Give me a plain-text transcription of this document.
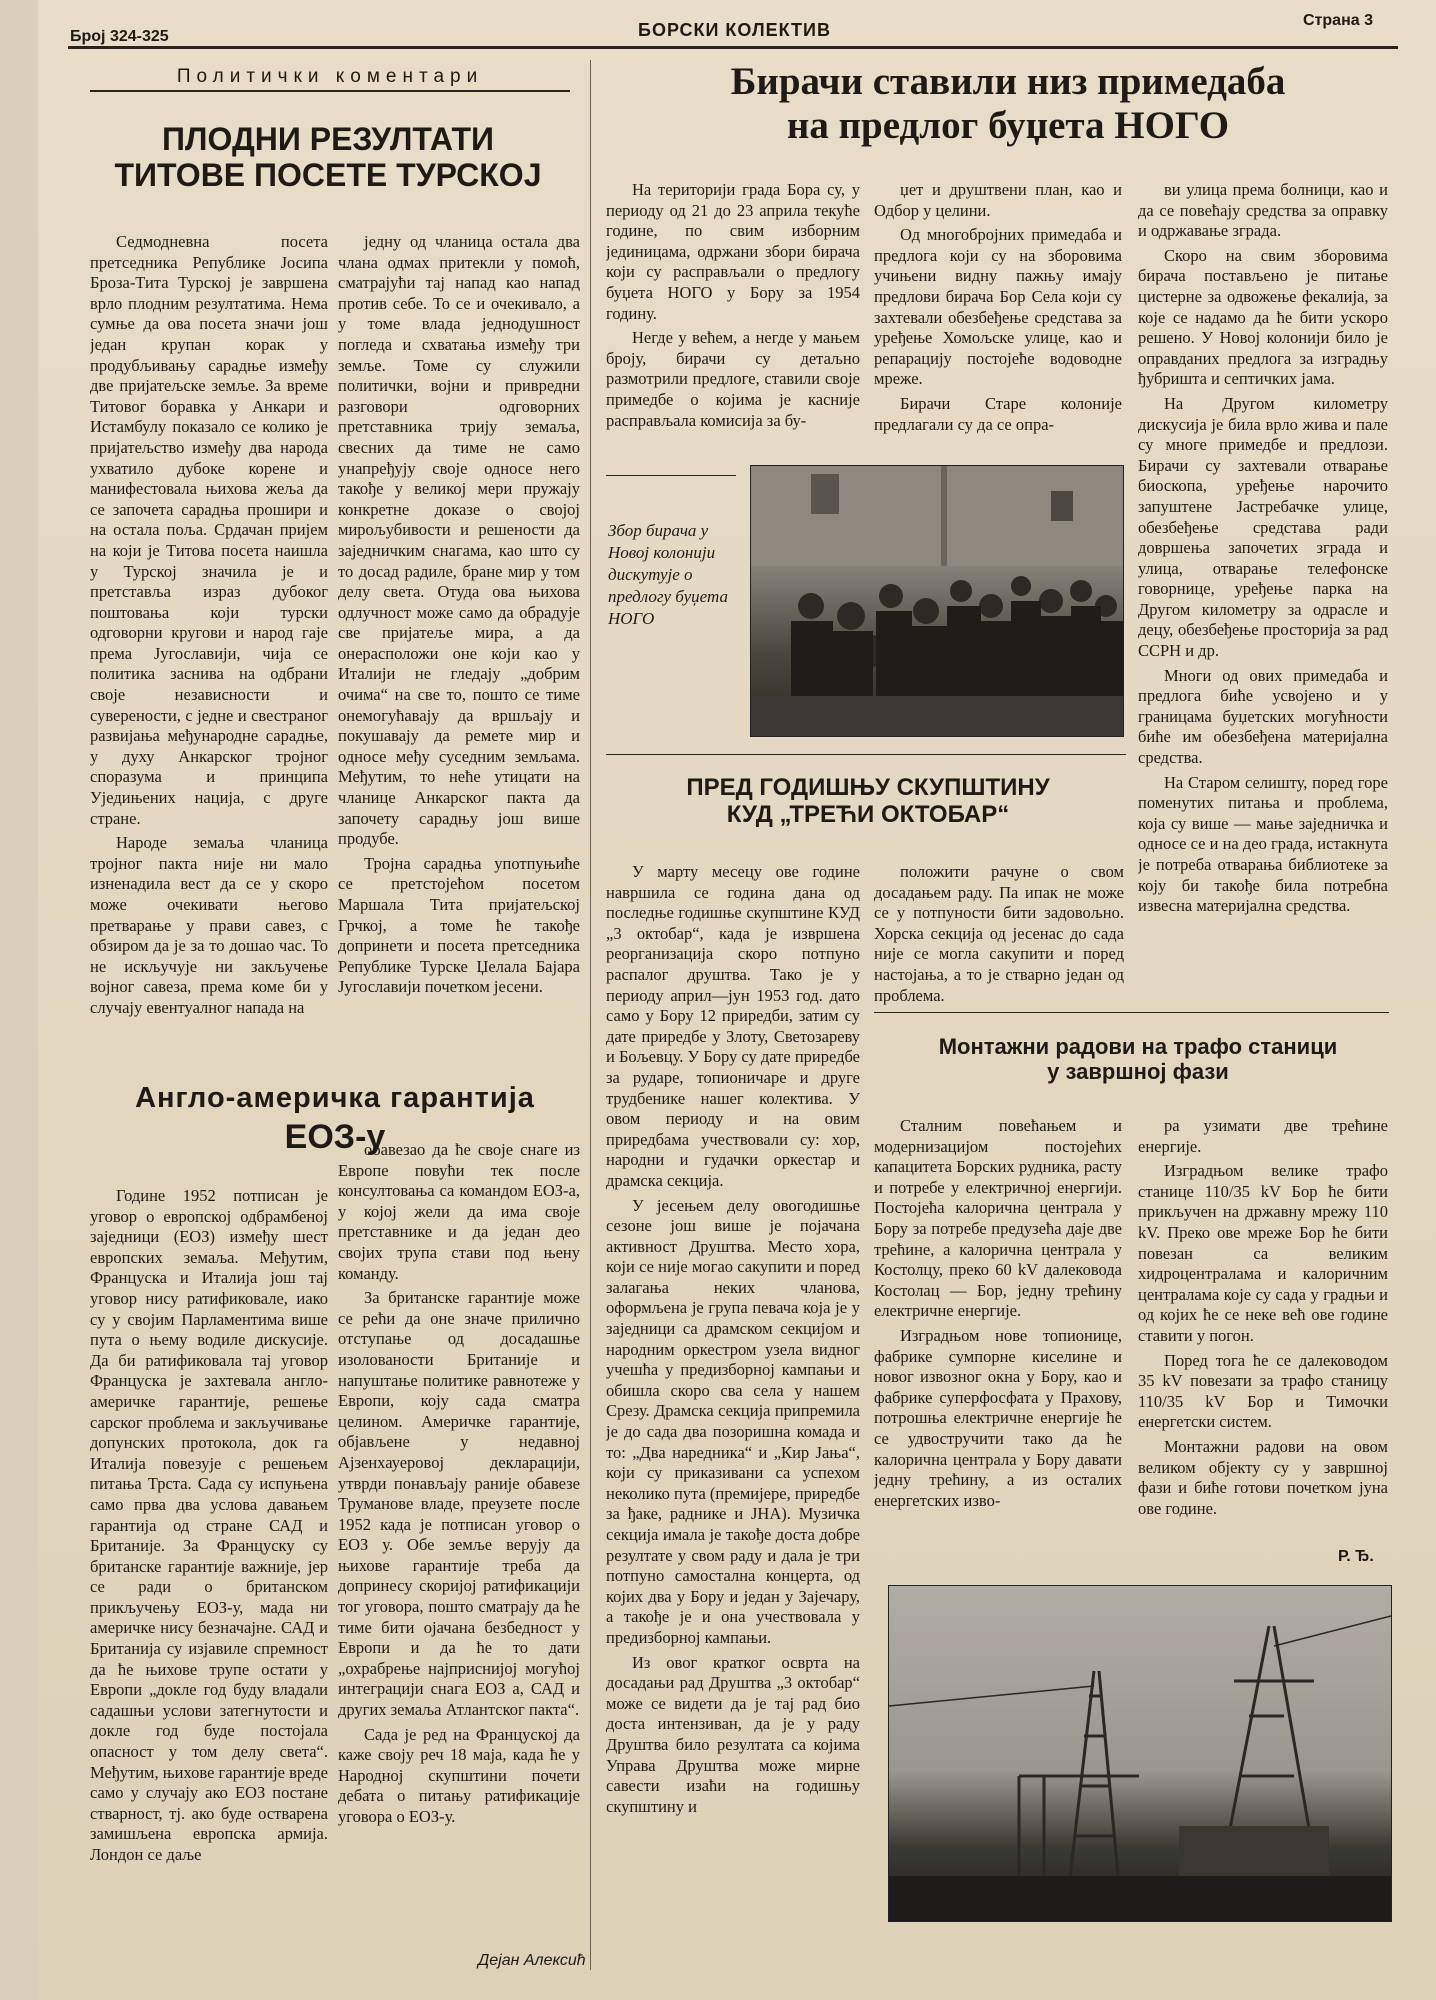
Број 324-325	БОРСКИ КОЛЕКТИВ	Страна 3
Политички коментари
ПЛОДНИ РЕЗУЛТАТИ
ТИТОВЕ ПОСЕТЕ ТУРСКОЈ

Седмодневна посета претседника Републике Јосипа Броза-Тита Турској је завршена врло плодним резултатима. Нема сумње да ова посета значи још један крупан корак у продубљивању сарадње између две пријатељске земље. За време Титовог боравка у Анкари и Истамбулу показало се колико је пријатељство између два народа ухватило дубоке корене и манифестовала њихова жеља да се започета сарадња прошири и на остала поља. Срдачан пријем на који је Титова посета наишла у Турској значила је и претставља израз дубоког поштовања који турски одговорни кругови и народ гаје према Југославији, чија се политика заснива на одбрани своје независности и суверености, с једне и свестраног развијања међународне сарадње, у духу Анкарског тројног споразума и принципа Уједињених нација, с друге стране.

Народе земаља чланица тројног пакта није ни мало изненадила вест да се у скоро може очекивати његово претварање у прави савез, с обзиром да је за то дошао час. То не искључује ни закључење војног савеза, према коме би у случају евентуалног напада на

једну од чланица остала два члана одмах притекли у помоћ, сматрајући тај напад као напад против себе. То се и очекивало, а у томе влада једнодушност погледа и схватања између три земље. Томе су служили политички, војни и привредни разговори одговорних претставника трију земаља, свесних да тиме не само унапређују своје односе него такође у великој мери пружају конкретне доказе о својој мирољубивости и решености да заједничким снагама, као што су то досад радиле, бране мир у том делу света. Отуда ова њихова одлучност може само да обрадује све пријатеље мира, а да онерасположи оне који као у Италији не гледају „добрим очима“ на све то, пошто се тиме онемогућавају да вршљају и покушавају да ремете мир и односе међу суседним земљама. Међутим, то неће утицати на чланице Анкарског пакта да започету сарадњу још више продубе.

Тројна сарадња употпуњиће се претстојећом посетом Маршала Тита пријатељској Грчкој, а томе ће такође допринети и посета претседника Републике Турске Џелала Бајара Југославији почетком јесени.

Англо-америчка гарантија
ЕОЗ-у

Године 1952 потписан је уговор о европској одбрамбеној заједници (ЕОЗ) између шест европских земаља. Међутим, Француска и Италија још тај уговор нису ратификовале, иако су у својим Парламентима више пута о њему водиле дискусије. Да би ратификовала тај уговор Француска је захтевала англо-америчке гарантије, решење сарског проблема и закључивање допунских протокола, док га Италија повезује с решењем питања Трста. Сада су испуњена само прва два услова давањем гарантија од стране САД и Британије. За Француску су британске гарантије важније, јер се ради о британском прикључењу ЕОЗ-у, мада ни америчке нису безначајне. САД и Британија су изјавиле спремност да ће њихове трупе остати у Европи „докле год буду владали садашњи услови затегнутости и докле год буде постојала опасност у том делу света“. Међутим, њихове гарантије вреде само у случају ако ЕОЗ постане стварност, тј. ако буде остварена замишљена европска армија. Лондон се даље

обавезао да ће своје снаге из Европе повући тек после консултовања са командом ЕОЗ-а, у којој жели да има своје претставнике и да један део својих трупа стави под њену команду.

За британске гарантије може се рећи да оне значе прилично отступање од досадашње изолованости Британије и напуштање политике равнотеже у Европи, коју сада сматра целином. Америчке гарантије, објављене у недавној Ајзенхауеровој декларацији, утврди понављају раније обавезе Трумановe владе, преузете после 1952 када је потписан уговор о ЕОЗ у. Обе земље верују да њихове гарантије треба да допринесу скоријој ратификацији тог уговора, пошто сматрају да ће тиме бити ојачана безбедност у Европи и да ће то дати „охрабрење најприснијој могућој интеграцији снага ЕОЗ а, САД и других земаља Атлантског пакта“.

Сада је ред на Француској да каже своју реч 18 маја, када ће у Народној скупштини почети дебата о питању ратификације уговора о ЕОЗ-у.

Дејан Алексић
Бирачи ставили низ примедаба
на предлог буџета НОГО

На територији града Бора су, у периоду од 21 до 23 априла текуће године, по свим изборним јединицама, одржани збори бирача који су расправљали о предлогу буџета НОГО у Бору за 1954 годину.

Негде у већем, а негде у мањем броју, бирачи су детаљно размотрили предлоге, ставили своје примедбе о којима је касније расправљала комисија за бу-

џет и друштвени план, као и Одбор у целини.

Од многобројних примедаба и предлога који су на зборовима учињени видну пажњу имају предлови бирача Бор Села који су захтевали обезбеђење средстава за уређење Хомољске улице, као и репарацију постојеће водоводне мреже.

Бирачи Старе колоније предлагали су да се опра-

ви улица према болници, као и да се повећају средства за оправку и одржавање зграда.

Скоро на свим зборовима бирача постављено је питање цистерне за одвожење фекалија, за које се надамо да ће бити ускоро решено. У Новој колонији било је оправданих предлога за изградњу ђубришта и септичких јама.

На Другом километру дискусија је била врло жива и пале су многе примедбе и предлози. Бирачи су захтевали отварање биоскопа, уређење нарочито запуштене Јастребачке улице, обезбеђење средстава ради довршења започетих зграда и улица, отварање телефонске говорнице, уређење парка на Другом километру за одрасле и децу, обезбеђење просторија за рад ССРН и др.

Многи од ових примедаба и предлога биће усвојено и у границама буџетских могућности биће им обезбеђена материјална средства.

На Старом селишту, поред горе поменутих питања и проблема, која су више — мање заједничка и односе се и на део града, истакнута је потреба отварања библиотеке за коју би такође била потребна извесна материјална средства.

Збор бирача у Новој колонији дискутује о предлогу буџета НОГО
ПРЕД ГОДИШЊУ СКУПШТИНУ
КУД „ТРЕЋИ ОКТОБАР“

У марту месецу ове године навршила се година дана од последње годишње скупштине КУД „3 октобар“, када је извршена реорганизација скоро потпуно распалог друштва. Тако је у периоду април—јун 1953 год. дато само у Бору 12 приредби, затим су дате приредбе у Злоту, Светозареву и Бољевцу. У Бору су дате приредбе за рударе, топионичаре и друге трудбенике нашег колектива. У овом периоду и на овим приредбама учествовали су: хор, народни и гудачки оркестар и драмска секција.

У јесењем делу овогодишње сезоне још више је појачана активност Друштва. Место хора, који се није могао сакупити и поред залагања неких чланова, оформљена је група певача која је у заједници са драмском секцијом и народним оркестром узела видног учешћа у предизборној кампањи и обишла скоро сва села у нашем Срезу. Драмска секција припремила је до сада два позоришна комада и то: „Два наредника“ и „Кир Јања“, који су приказивани са успехом неколико пута (премијере, приредбе за ђаке, раднике и ЈНА). Музичка секција имала је такође доста добре резултате у свом раду и дала је три потпуно самостална концерта, од којих два у Бору и један у Зајечару, а такође је и она учествовала у предизборној кампањи.

Из овог кратког осврта на досадањи рад Друштва „3 октобар“ може се видети да је тај рад био доста интензиван, да је у раду Друштва било резултата са којима Управа Друштва може мирне савести изаћи на годишњу скупштину и

положити рачуне о свом досадањем раду. Па ипак не може се у потпуности бити задовољно. Хорска секција од јесенас до сада није се могла сакупити и поред настојања, а то је стварно један од проблема.

Монтажни радови на трафо станици
у завршној фази

Сталним повећањем и модернизацијом постојећих капацитета Борских рудника, расту и потребе у електричној енергији. Постојећа калорична централа у Бору за потребе предузећа даје две трећине, а калорична централа у Костолцу, преко 60 kV далековода Костолац — Бор, једну трећину електричне енергије.

Изградњом нове топионице, фабрике сумпорне киселине и новог извозног окна у Бору, као и фабрике суперфосфата у Прахову, потрошња електричне енергије ће се удвостручити тако да ће калорична централа у Бору давати једну трећину, а из осталих енергетских изво-

ра узимати две трећине енергије.

Изградњом велике трафо станице 110/35 kV Бор ће бити прикључен на државну мрежу 110 kV. Преко ове мреже Бор ће бити повезан са великим хидроцентралама и калоричним централама које су сада у градњи и од којих ће се неке већ ове године ставити у погон.

Поред тога ће се далеководом 35 kV повезати за трафо станицу 110/35 kV Бор и Тимочки енергетски систем.

Монтажни радови на овом великом објекту су у завршној фази и биће готови почетком јуна ове године.

Р. Ђ.
